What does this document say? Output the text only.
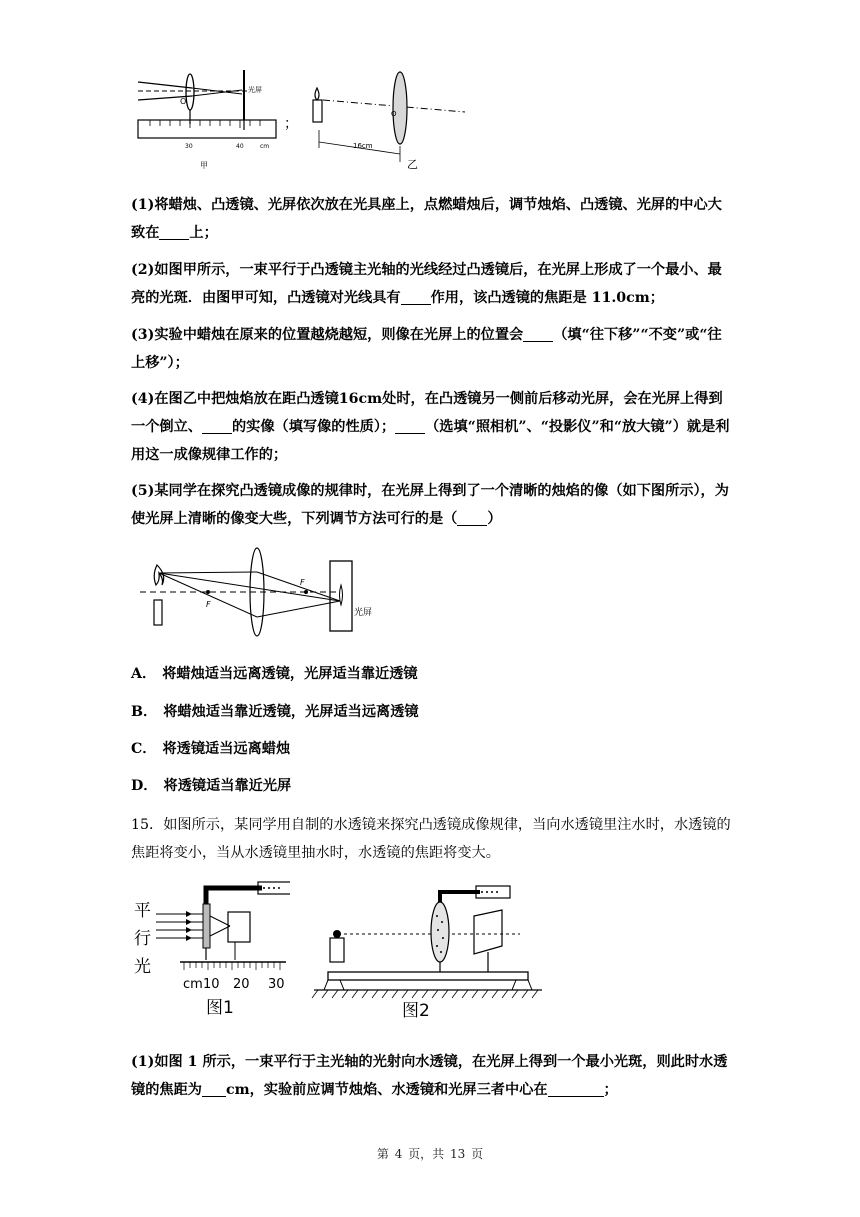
O
光屏
30	40	cm
甲
；
O
16cm
乙
(1)将蜡烛、凸透镜、光屏依次放在光具座上，点燃蜡烛后，调节烛焰、凸透镜、光屏的中心大致在 上；
(2)如图甲所示，一束平行于凸透镜主光轴的光线经过凸透镜后，在光屏上形成了一个最小、最亮的光斑．由图甲可知，凸透镜对光线具有 作用，该凸透镜的焦距是 11.0cm；
(3)实验中蜡烛在原来的位置越烧越短，则像在光屏上的位置会 （填“往下移”“不变”或“往上移”）；
(4)在图乙中把烛焰放在距凸透镜16cm处时，在凸透镜另一侧前后移动光屏，会在光屏上得到一个倒立、 的实像（填写像的性质）； （选填“照相机”、“投影仪”和“放大镜”）就是利用这一成像规律工作的；
(5)某同学在探究凸透镜成像的规律时，在光屏上得到了一个清晰的烛焰的像（如下图所示），为使光屏上清晰的像变大些，下列调节方法可行的是（ ）
F
F
光屏
A． 将蜡烛适当远离透镜，光屏适当靠近透镜
B． 将蜡烛适当靠近透镜，光屏适当远离透镜
C． 将透镜适当远离蜡烛
D． 将透镜适当靠近光屏
15．如图所示，某同学用自制的水透镜来探究凸透镜成像规律，当向水透镜里注水时，水透镜的焦距将变小，当从水透镜里抽水时，水透镜的焦距将变大。
平
行
光
cm 10 20 30
图1	图2
(1)如图 1 所示，一束平行于主光轴的光射向水透镜，在光屏上得到一个最小光斑，则此时水透镜的焦距为 cm，实验前应调节烛焰、水透镜和光屏三者中心在	；
第 4 页，共 13 页
